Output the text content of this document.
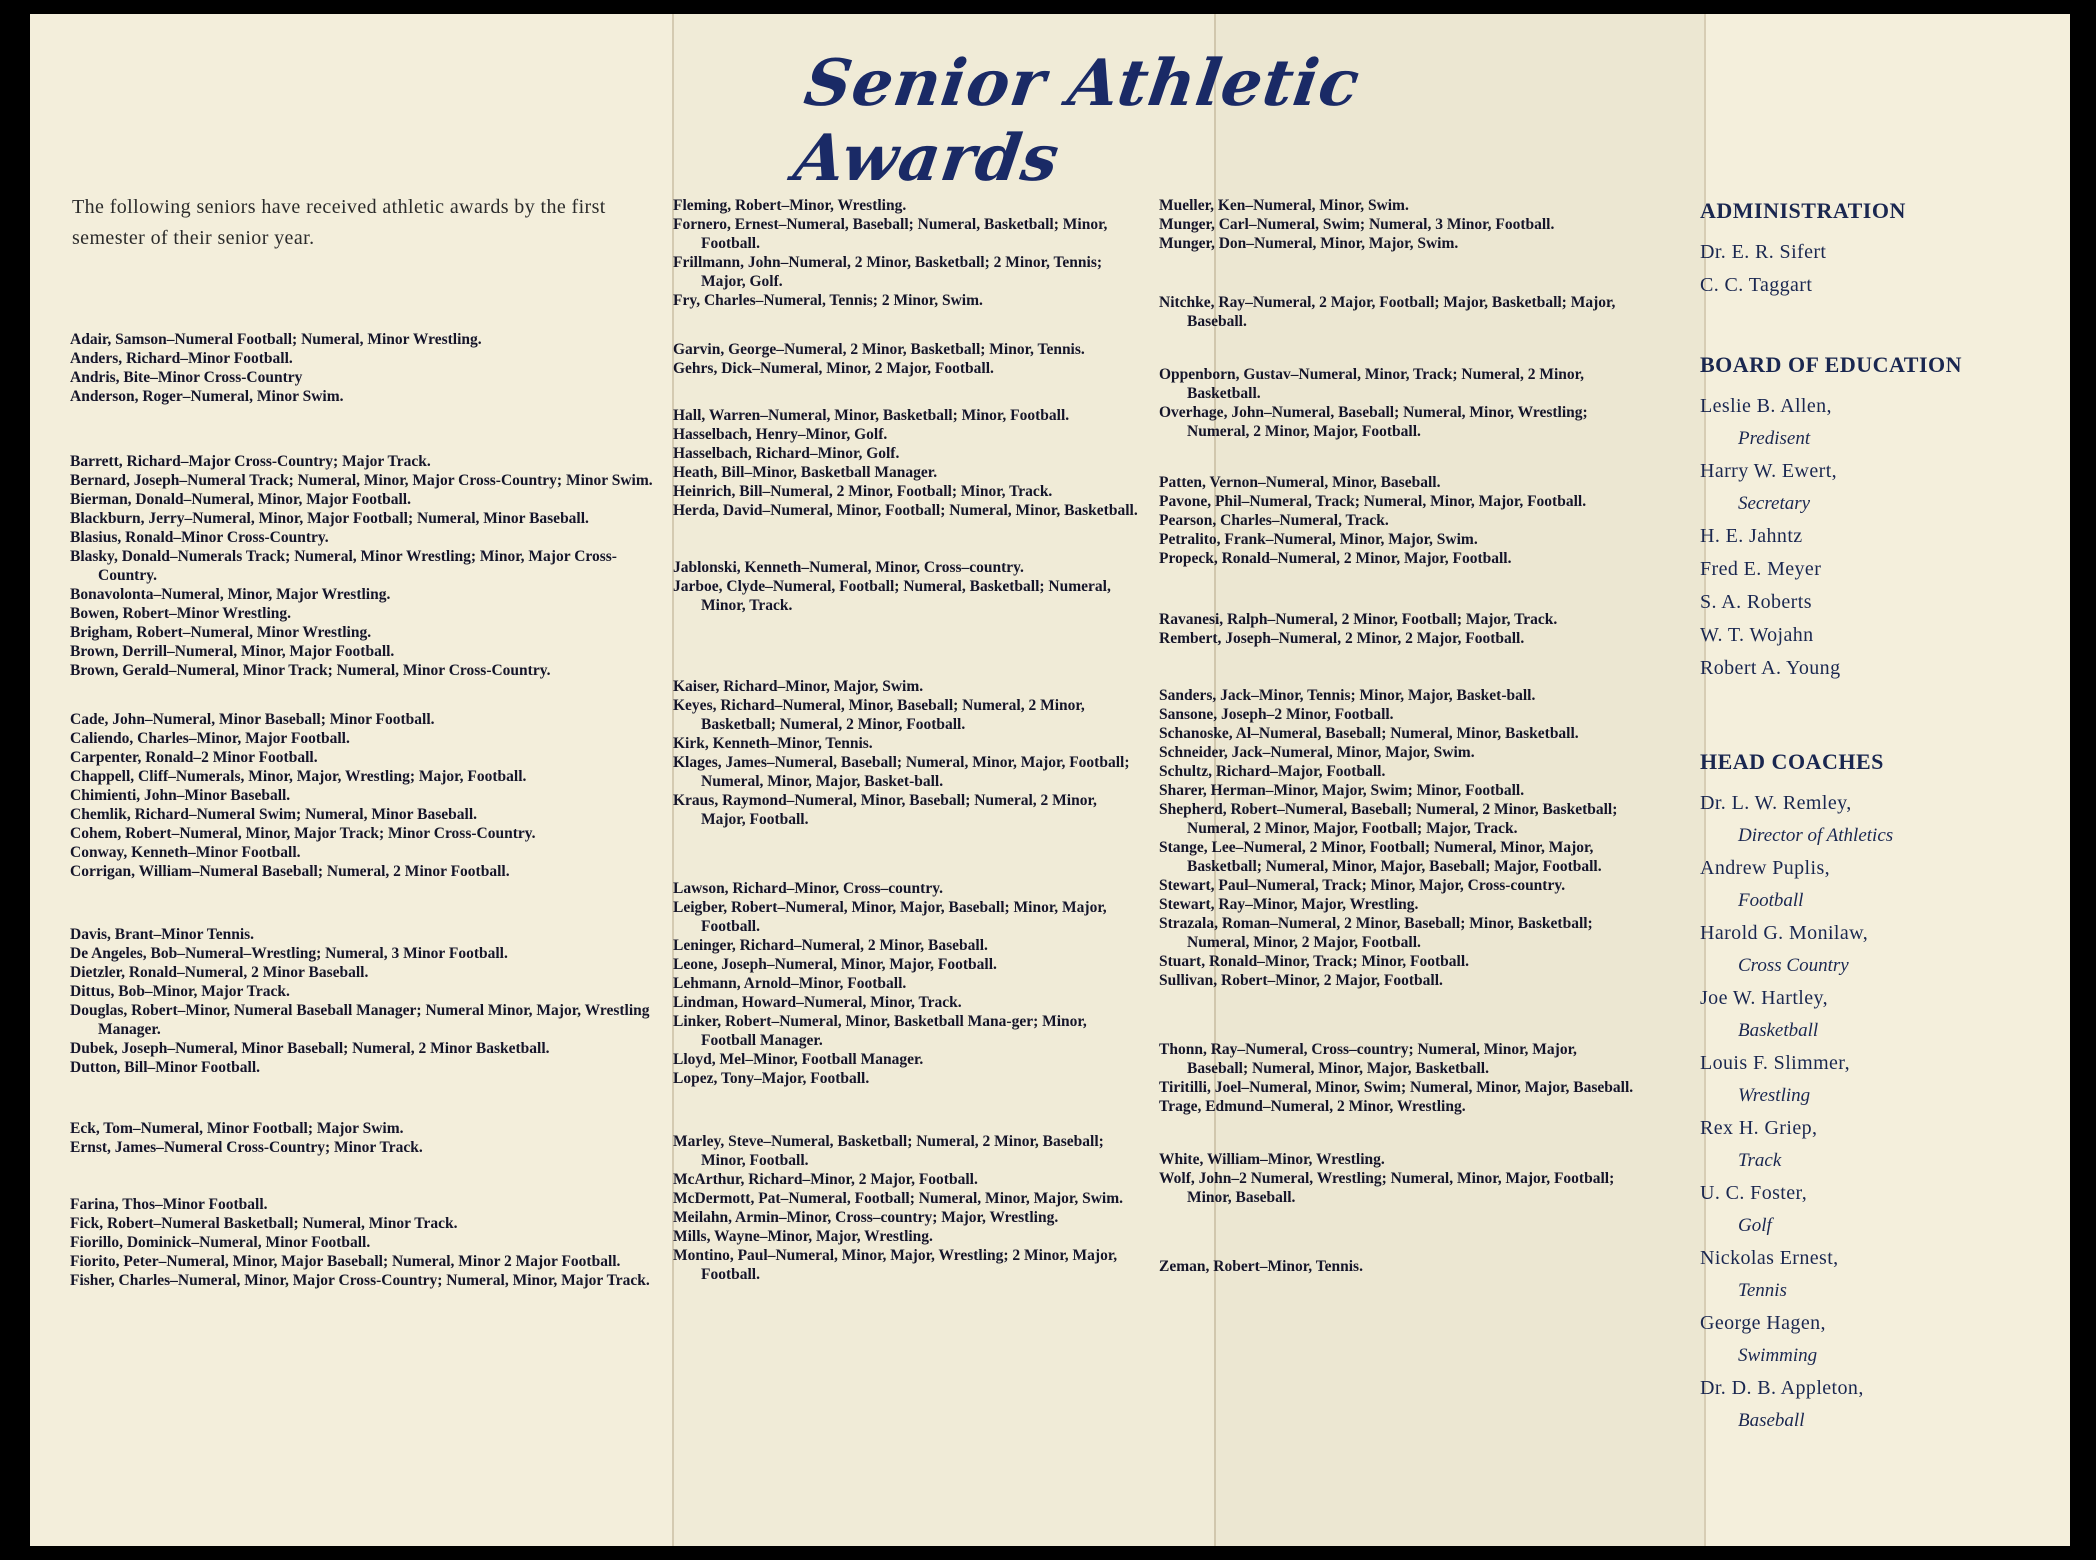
Senior Athletic Awards

The following seniors have received athletic awards by the first semester of their senior year.

Adair, Samson–Numeral Football; Numeral, Minor Wrestling.

Anders, Richard–Minor Football.

Andris, Bite–Minor Cross-Country

Anderson, Roger–Numeral, Minor Swim.

Barrett, Richard–Major Cross-Country; Major Track.

Bernard, Joseph–Numeral Track; Numeral, Minor, Major Cross-Country; Minor Swim.

Bierman, Donald–Numeral, Minor, Major Football.

Blackburn, Jerry–Numeral, Minor, Major Football; Numeral, Minor Baseball.

Blasius, Ronald–Minor Cross-Country.

Blasky, Donald–Numerals Track; Numeral, Minor Wrestling; Minor, Major Cross-Country.

Bonavolonta–Numeral, Minor, Major Wrestling.

Bowen, Robert–Minor Wrestling.

Brigham, Robert–Numeral, Minor Wrestling.

Brown, Derrill–Numeral, Minor, Major Football.

Brown, Gerald–Numeral, Minor Track; Numeral, Minor Cross-Country.

Cade, John–Numeral, Minor Baseball; Minor Football.

Caliendo, Charles–Minor, Major Football.

Carpenter, Ronald–2 Minor Football.

Chappell, Cliff–Numerals, Minor, Major, Wrestling; Major, Football.

Chimienti, John–Minor Baseball.

Chemlik, Richard–Numeral Swim; Numeral, Minor Baseball.

Cohem, Robert–Numeral, Minor, Major Track; Minor Cross-Country.

Conway, Kenneth–Minor Football.

Corrigan, William–Numeral Baseball; Numeral, 2 Minor Football.

Davis, Brant–Minor Tennis.

De Angeles, Bob–Numeral–Wrestling; Numeral, 3 Minor Football.

Dietzler, Ronald–Numeral, 2 Minor Baseball.

Dittus, Bob–Minor, Major Track.

Douglas, Robert–Minor, Numeral Baseball Manager; Numeral Minor, Major, Wrestling Manager.

Dubek, Joseph–Numeral, Minor Baseball; Numeral, 2 Minor Basketball.

Dutton, Bill–Minor Football.

Eck, Tom–Numeral, Minor Football; Major Swim.

Ernst, James–Numeral Cross-Country; Minor Track.

Farina, Thos–Minor Football.

Fick, Robert–Numeral Basketball; Numeral, Minor Track.

Fiorillo, Dominick–Numeral, Minor Football.

Fiorito, Peter–Numeral, Minor, Major Baseball; Numeral, Minor 2 Major Football.

Fisher, Charles–Numeral, Minor, Major Cross-Country; Numeral, Minor, Major Track.

Fleming, Robert–Minor, Wrestling.

Fornero, Ernest–Numeral, Baseball; Numeral, Basketball; Minor, Football.

Frillmann, John–Numeral, 2 Minor, Basketball; 2 Minor, Tennis; Major, Golf.

Fry, Charles–Numeral, Tennis; 2 Minor, Swim.

Garvin, George–Numeral, 2 Minor, Basketball; Minor, Tennis.

Gehrs, Dick–Numeral, Minor, 2 Major, Football.

Hall, Warren–Numeral, Minor, Basketball; Minor, Football.

Hasselbach, Henry–Minor, Golf.

Hasselbach, Richard–Minor, Golf.

Heath, Bill–Minor, Basketball Manager.

Heinrich, Bill–Numeral, 2 Minor, Football; Minor, Track.

Herda, David–Numeral, Minor, Football; Numeral, Minor, Basketball.

Jablonski, Kenneth–Numeral, Minor, Cross–country.

Jarboe, Clyde–Numeral, Football; Numeral, Basketball; Numeral, Minor, Track.

Kaiser, Richard–Minor, Major, Swim.

Keyes, Richard–Numeral, Minor, Baseball; Numeral, 2 Minor, Basketball; Numeral, 2 Minor, Football.

Kirk, Kenneth–Minor, Tennis.

Klages, James–Numeral, Baseball; Numeral, Minor, Major, Football; Numeral, Minor, Major, Basket-ball.

Kraus, Raymond–Numeral, Minor, Baseball; Numeral, 2 Minor, Major, Football.

Lawson, Richard–Minor, Cross–country.

Leigber, Robert–Numeral, Minor, Major, Baseball; Minor, Major, Football.

Leninger, Richard–Numeral, 2 Minor, Baseball.

Leone, Joseph–Numeral, Minor, Major, Football.

Lehmann, Arnold–Minor, Football.

Lindman, Howard–Numeral, Minor, Track.

Linker, Robert–Numeral, Minor, Basketball Mana-ger; Minor, Football Manager.

Lloyd, Mel–Minor, Football Manager.

Lopez, Tony–Major, Football.

Marley, Steve–Numeral, Basketball; Numeral, 2 Minor, Baseball; Minor, Football.

McArthur, Richard–Minor, 2 Major, Football.

McDermott, Pat–Numeral, Football; Numeral, Minor, Major, Swim.

Meilahn, Armin–Minor, Cross–country; Major, Wrestling.

Mills, Wayne–Minor, Major, Wrestling.

Montino, Paul–Numeral, Minor, Major, Wrestling; 2 Minor, Major, Football.

Mueller, Ken–Numeral, Minor, Swim.

Munger, Carl–Numeral, Swim; Numeral, 3 Minor, Football.

Munger, Don–Numeral, Minor, Major, Swim.

Nitchke, Ray–Numeral, 2 Major, Football; Major, Basketball; Major, Baseball.

Oppenborn, Gustav–Numeral, Minor, Track; Numeral, 2 Minor, Basketball.

Overhage, John–Numeral, Baseball; Numeral, Minor, Wrestling; Numeral, 2 Minor, Major, Football.

Patten, Vernon–Numeral, Minor, Baseball.

Pavone, Phil–Numeral, Track; Numeral, Minor, Major, Football.

Pearson, Charles–Numeral, Track.

Petralito, Frank–Numeral, Minor, Major, Swim.

Propeck, Ronald–Numeral, 2 Minor, Major, Football.

Ravanesi, Ralph–Numeral, 2 Minor, Football; Major, Track.

Rembert, Joseph–Numeral, 2 Minor, 2 Major, Football.

Sanders, Jack–Minor, Tennis; Minor, Major, Basket-ball.

Sansone, Joseph–2 Minor, Football.

Schanoske, Al–Numeral, Baseball; Numeral, Minor, Basketball.

Schneider, Jack–Numeral, Minor, Major, Swim.

Schultz, Richard–Major, Football.

Sharer, Herman–Minor, Major, Swim; Minor, Football.

Shepherd, Robert–Numeral, Baseball; Numeral, 2 Minor, Basketball; Numeral, 2 Minor, Major, Football; Major, Track.

Stange, Lee–Numeral, 2 Minor, Football; Numeral, Minor, Major, Basketball; Numeral, Minor, Major, Baseball; Major, Football.

Stewart, Paul–Numeral, Track; Minor, Major, Cross-country.

Stewart, Ray–Minor, Major, Wrestling.

Strazala, Roman–Numeral, 2 Minor, Baseball; Minor, Basketball; Numeral, Minor, 2 Major, Football.

Stuart, Ronald–Minor, Track; Minor, Football.

Sullivan, Robert–Minor, 2 Major, Football.

Thonn, Ray–Numeral, Cross–country; Numeral, Minor, Major, Baseball; Numeral, Minor, Major, Basketball.

Tiritilli, Joel–Numeral, Minor, Swim; Numeral, Minor, Major, Baseball.

Trage, Edmund–Numeral, 2 Minor, Wrestling.

White, William–Minor, Wrestling.

Wolf, John–2 Numeral, Wrestling; Numeral, Minor, Major, Football; Minor, Baseball.

Zeman, Robert–Minor, Tennis.

ADMINISTRATION

Dr. E. R. Sifert

C. C. Taggart

BOARD OF EDUCATION

Leslie B. Allen,

Predisent

Harry W. Ewert,

Secretary

H. E. Jahntz

Fred E. Meyer

S. A. Roberts

W. T. Wojahn

Robert A. Young

HEAD COACHES

Dr. L. W. Remley,

Director of Athletics

Andrew Puplis,

Football

Harold G. Monilaw,

Cross Country

Joe W. Hartley,

Basketball

Louis F. Slimmer,

Wrestling

Rex H. Griep,

Track

U. C. Foster,

Golf

Nickolas Ernest,

Tennis

George Hagen,

Swimming

Dr. D. B. Appleton,

Baseball
